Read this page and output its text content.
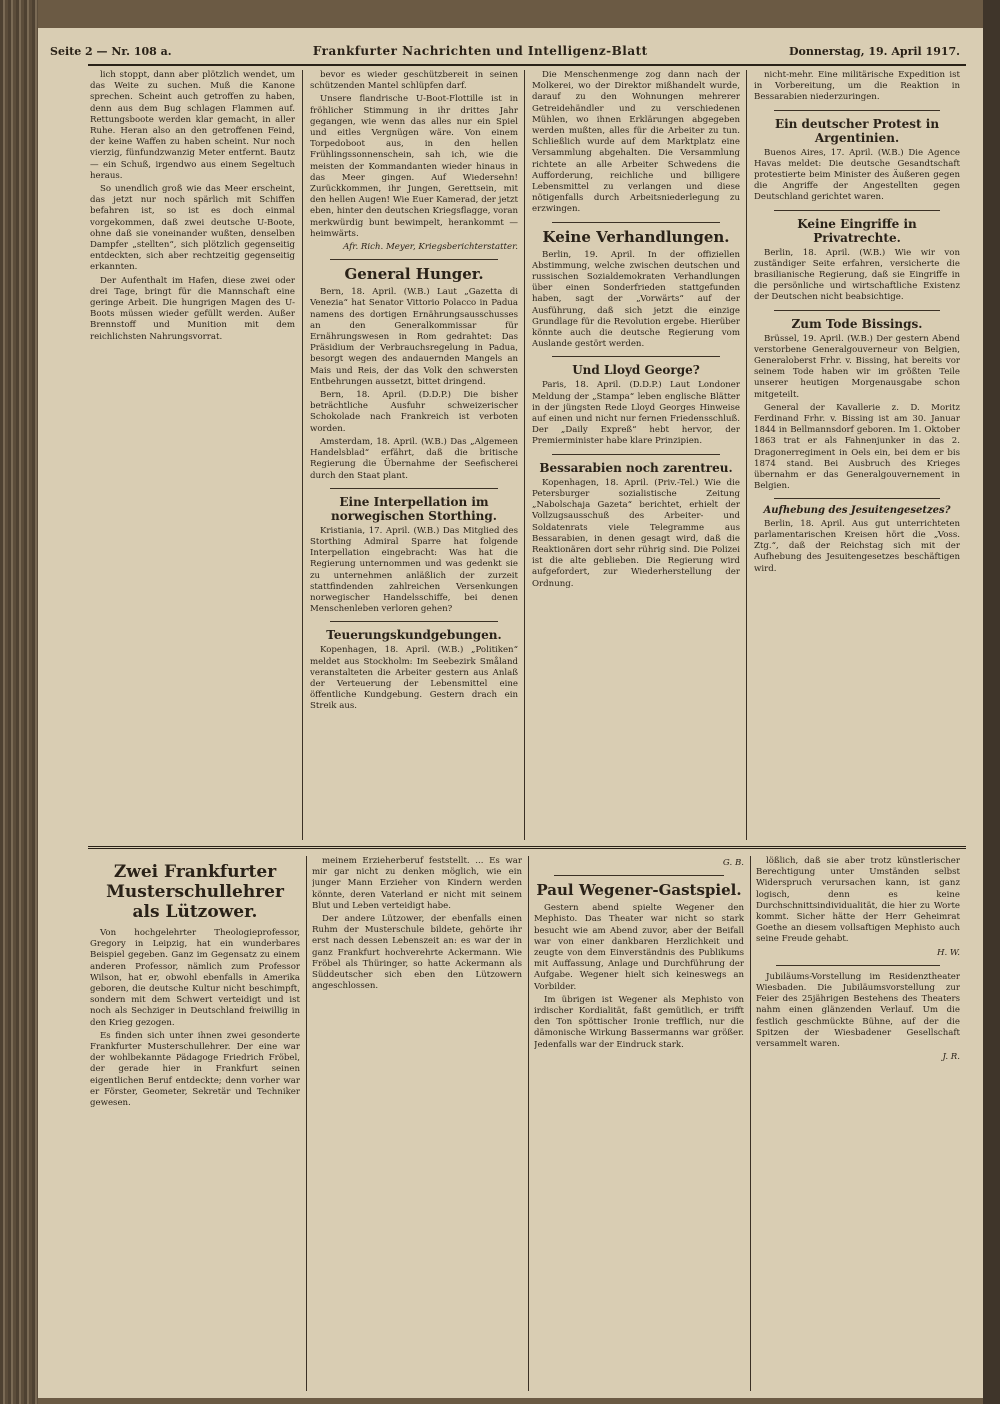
Seite 2 — Nr. 108 a.	Frankfurter Nachrichten und Intelligenz-Blatt	Donnerstag, 19. April 1917.

lich stoppt, dann aber plötzlich wendet, um das Weite zu suchen. Muß die Kanone sprechen. Scheint auch getroffen zu haben, denn aus dem Bug schlagen Flammen auf. Rettungsboote werden klar gemacht, in aller Ruhe. Heran also an den getroffenen Feind, der keine Waffen zu haben scheint. Nur noch vierzig, fünfundzwanzig Meter entfernt. Bautz — ein Schuß, irgendwo aus einem Segeltuch heraus.

So unendlich groß wie das Meer erscheint, das jetzt nur noch spärlich mit Schiffen befahren ist, so ist es doch einmal vorgekommen, daß zwei deutsche U-Boote, ohne daß sie voneinander wußten, denselben Dampfer „stellten“, sich plötzlich gegenseitig entdeckten, sich aber rechtzeitig gegenseitig erkannten.

Der Aufenthalt im Hafen, diese zwei oder drei Tage, bringt für die Mannschaft eine geringe Arbeit. Die hungrigen Magen des U-Boots müssen wieder gefüllt werden. Außer Brennstoff und Munition mit dem reichlichsten Nahrungsvorrat.

bevor es wieder geschützbereit in seinen schützenden Mantel schlüpfen darf.

Unsere flandrische U-Boot-Flottille ist in fröhlicher Stimmung in ihr drittes Jahr gegangen, wie wenn das alles nur ein Spiel und eitles Vergnügen wäre. Von einem Torpedoboot aus, in den hellen Frühlingssonnenschein, sah ich, wie die meisten der Kommandanten wieder hinaus in das Meer gingen. Auf Wiedersehn! Zurückkommen, ihr Jungen, Gerettsein, mit den hellen Augen! Wie Euer Kamerad, der jetzt eben, hinter den deutschen Kriegsflagge, voran merkwürdig bunt bewimpelt, herankommt — heimwärts.

Afr. Rich. Meyer, Kriegsberichterstatter.
General Hunger.

Bern, 18. April. (W.B.) Laut „Gazetta di Venezia“ hat Senator Vittorio Polacco in Padua namens des dortigen Ernährungsausschusses an den Generalkommissar für Ernährungswesen in Rom gedrahtet: Das Präsidium der Verbrauchsregelung in Padua, besorgt wegen des andauernden Mangels an Mais und Reis, der das Volk den schwersten Entbehrungen aussetzt, bittet dringend.

Bern, 18. April. (D.D.P.) Die bisher beträchtliche Ausfuhr schweizerischer Schokolade nach Frankreich ist verboten worden.

Amsterdam, 18. April. (W.B.) Das „Algemeen Handelsblad“ erfährt, daß die britische Regierung die Übernahme der Seefischerei durch den Staat plant.

Eine Interpellation im norwegischen Storthing.

Kristiania, 17. April. (W.B.) Das Mitglied des Storthing Admiral Sparre hat folgende Interpellation eingebracht: Was hat die Regierung unternommen und was gedenkt sie zu unternehmen anläßlich der zurzeit stattfindenden zahlreichen Versenkungen norwegischer Handelsschiffe, bei denen Menschenleben verloren gehen?

Teuerungskundgebungen.

Kopenhagen, 18. April. (W.B.) „Politiken“ meldet aus Stockholm: Im Seebezirk Småland veranstalteten die Arbeiter gestern aus Anlaß der Verteuerung der Lebensmittel eine öffentliche Kundgebung. Gestern drach ein Streik aus.

Die Menschenmenge zog dann nach der Molkerei, wo der Direktor mißhandelt wurde, darauf zu den Wohnungen mehrerer Getreidehändler und zu verschiedenen Mühlen, wo ihnen Erklärungen abgegeben werden mußten, alles für die Arbeiter zu tun. Schließlich wurde auf dem Marktplatz eine Versammlung abgehalten. Die Versammlung richtete an alle Arbeiter Schwedens die Aufforderung, reichliche und billigere Lebensmittel zu verlangen und diese nötigenfalls durch Arbeitsniederlegung zu erzwingen.

Keine Verhandlungen.

Berlin, 19. April. In der offiziellen Abstimmung, welche zwischen deutschen und russischen Sozialdemokraten Verhandlungen über einen Sonderfrieden stattgefunden haben, sagt der „Vorwärts“ auf der Ausführung, daß sich jetzt die einzige Grundlage für die Revolution ergebe. Hierüber könnte auch die deutsche Regierung vom Auslande gestört werden.

Und Lloyd George?

Paris, 18. April. (D.D.P.) Laut Londoner Meldung der „Stampa“ leben englische Blätter in der jüngsten Rede Lloyd Georges Hinweise auf einen und nicht nur fernen Friedensschluß. Der „Daily Expreß“ hebt hervor, der Premierminister habe klare Prinzipien.

Bessarabien noch zarentreu.

Kopenhagen, 18. April. (Priv.-Tel.) Wie die Petersburger sozialistische Zeitung „Nabolschaja Gazeta“ berichtet, erhielt der Vollzugsausschuß des Arbeiter- und Soldatenrats viele Telegramme aus Bessarabien, in denen gesagt wird, daß die Reaktionären dort sehr rührig sind. Die Polizei ist die alte geblieben. Die Regierung wird aufgefordert, zur Wiederherstellung der Ordnung.

nicht-mehr. Eine militärische Expedition ist in Vorbereitung, um die Reaktion in Bessarabien niederzuringen.

Ein deutscher Protest in Argentinien.

Buenos Aires, 17. April. (W.B.) Die Agence Havas meldet: Die deutsche Gesandtschaft protestierte beim Minister des Äußeren gegen die Angriffe der Angestellten gegen Deutschland gerichtet waren.

Keine Eingriffe in Privatrechte.

Berlin, 18. April. (W.B.) Wie wir von zuständiger Seite erfahren, versicherte die brasilianische Regierung, daß sie Eingriffe in die persönliche und wirtschaftliche Existenz der Deutschen nicht beabsichtige.

Zum Tode Bissings.

Brüssel, 19. April. (W.B.) Der gestern Abend verstorbene Generalgouverneur von Belgien, Generaloberst Frhr. v. Bissing, hat bereits vor seinem Tode haben wir im größten Teile unserer heutigen Morgenausgabe schon mitgeteilt.

General der Kavallerie z. D. Moritz Ferdinand Frhr. v. Bissing ist am 30. Januar 1844 in Bellmannsdorf geboren. Im 1. Oktober 1863 trat er als Fahnenjunker in das 2. Dragonerregiment in Oels ein, bei dem er bis 1874 stand. Bei Ausbruch des Krieges übernahm er das Generalgouvernement in Belgien.

Aufhebung des Jesuitengesetzes?

Berlin, 18. April. Aus gut unterrichteten parlamentarischen Kreisen hört die „Voss. Ztg.“, daß der Reichstag sich mit der Aufhebung des Jesuitengesetzes beschäftigen wird.

Zwei Frankfurter Musterschullehrer als Lützower.

Von hochgelehrter Theologieprofessor, Gregory in Leipzig, hat ein wunderbares Beispiel gegeben. Ganz im Gegensatz zu einem anderen Professor, nämlich zum Professor Wilson, hat er, obwohl ebenfalls in Amerika geboren, die deutsche Kultur nicht beschimpft, sondern mit dem Schwert verteidigt und ist noch als Sechziger in Deutschland freiwillig in den Krieg gezogen.

Es finden sich unter ihnen zwei gesonderte Frankfurter Musterschullehrer. Der eine war der wohlbekannte Pädagoge Friedrich Fröbel, der gerade hier in Frankfurt seinen eigentlichen Beruf entdeckte; denn vorher war er Förster, Geometer, Sekretär und Techniker gewesen.

meinem Erzieherberuf feststellt. ... Es war mir gar nicht zu denken möglich, wie ein junger Mann Erzieher von Kindern werden könnte, deren Vaterland er nicht mit seinem Blut und Leben verteidigt habe.

Der andere Lützower, der ebenfalls einen Ruhm der Musterschule bildete, gehörte ihr erst nach dessen Lebenszeit an: es war der in ganz Frankfurt hochverehrte Ackermann. Wie Fröbel als Thüringer, so hatte Ackermann als Süddeutscher sich eben den Lützowern angeschlossen.

G. B.
Paul Wegener-Gastspiel.

Gestern abend spielte Wegener den Mephisto. Das Theater war nicht so stark besucht wie am Abend zuvor, aber der Beifall war von einer dankbaren Herzlichkeit und zeugte von dem Einverständnis des Publikums mit Auffassung, Anlage und Durchführung der Aufgabe. Wegener hielt sich keineswegs an Vorbilder.

Im übrigen ist Wegener als Mephisto von irdischer Kordialität, faßt gemütlich, er trifft den Ton spöttischer Ironie trefflich, nur die dämonische Wirkung Bassermanns war größer. Jedenfalls war der Eindruck stark.

lößlich, daß sie aber trotz künstlerischer Berechtigung unter Umständen selbst Widerspruch verursachen kann, ist ganz logisch, denn es keine Durchschnittsindividualität, die hier zu Worte kommt. Sicher hätte der Herr Geheimrat Goethe an diesem vollsaftigen Mephisto auch seine Freude gehabt.

H. W.

Jubiläums-Vorstellung im Residenztheater Wiesbaden. Die Jubiläumsvorstellung zur Feier des 25jährigen Bestehens des Theaters nahm einen glänzenden Verlauf. Um die festlich geschmückte Bühne, auf der die Spitzen der Wiesbadener Gesellschaft versammelt waren.

J. R.
